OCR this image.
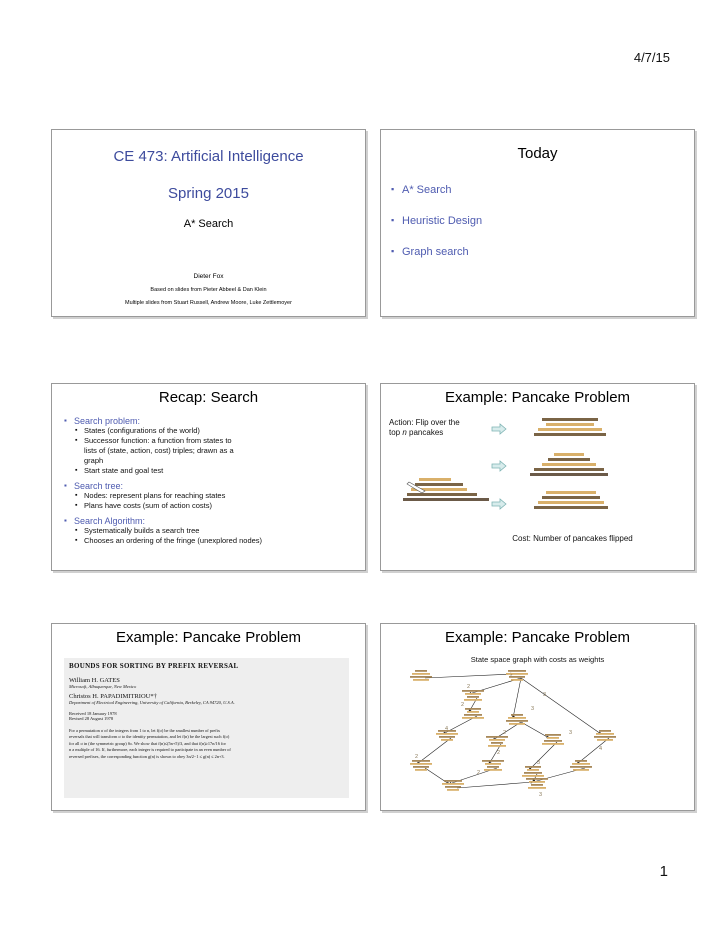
4/7/15
CE 473: Artificial Intelligence
Spring 2015
A* Search
Dieter Fox
Based on slides from Pieter Abbeel & Dan Klein
Multiple slides from Stuart Russell, Andrew Moore, Luke Zettlemoyer
Today
▪ A* Search
▪ Heuristic Design
▪ Graph search
Recap: Search
▪ Search problem:
▪ States (configurations of the world)
▪ Successor function: a function from states to lists of (state, action, cost) triples; drawn as a graph
▪ Start state and goal test
▪ Search tree:
▪ Nodes: represent plans for reaching states
▪ Plans have costs (sum of action costs)
▪ Search Algorithm:
▪ Systematically builds a search tree
▪ Chooses an ordering of the fringe (unexplored nodes)
Example: Pancake Problem
Action: Flip over the
top n pancakes
Cost: Number of pancakes flipped
Example: Pancake Problem
BOUNDS FOR SORTING BY PREFIX REVERSAL
William H. GATES
Microsoft, Albuquerque, New Mexico
Christos H. PAPADIMITRIOU*†
Department of Electrical Engineering, University of California, Berkeley, CA 94720, U.S.A.
Received 18 January 1978
Revised 28 August 1978
For a permutation σ of the integers from 1 to n, let f(σ) be the smallest number of prefix
reversals that will transform σ to the identity permutation, and let f(n) be the largest such f(σ)
for all σ in (the symmetric group) Sₙ. We show that f(n)≤(5n+5)/3, and that f(n)≥17n/16 for
n a multiple of 16. If, furthermore, each integer is required to participate in an even number of
reversed prefixes, the corresponding function g(n) is shown to obey 3n/2−1 ≤ g(n) ≤ 2n+3.
Example: Pancake Problem
State space graph with costs as weights
2
3
2
3
4
2	3
2
2
2
3
4
3
1
